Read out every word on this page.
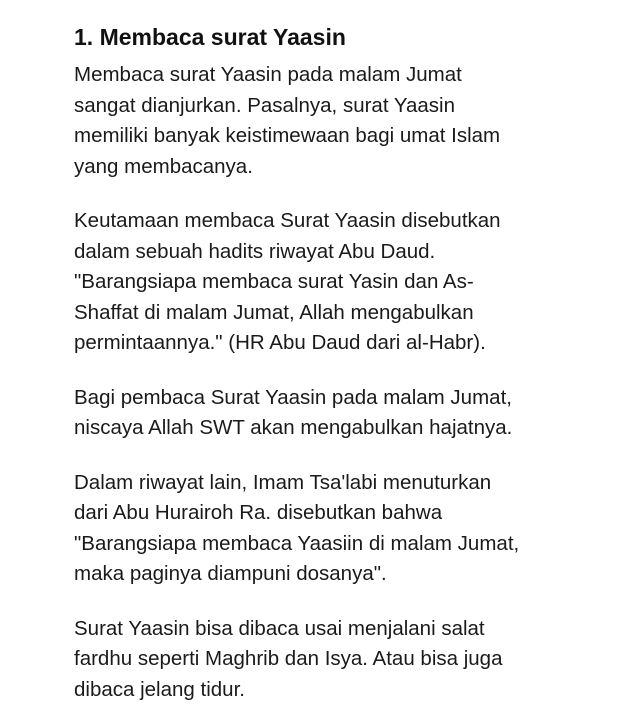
1. Membaca surat Yaasin

Membaca surat Yaasin pada malam Jumat
sangat dianjurkan. Pasalnya, surat Yaasin
memiliki banyak keistimewaan bagi umat Islam
yang membacanya.

Keutamaan membaca Surat Yaasin disebutkan
dalam sebuah hadits riwayat Abu Daud.
"Barangsiapa membaca surat Yasin dan As-
Shaffat di malam Jumat, Allah mengabulkan
permintaannya." (HR Abu Daud dari al-Habr).

Bagi pembaca Surat Yaasin pada malam Jumat,
niscaya Allah SWT akan mengabulkan hajatnya.

Dalam riwayat lain, Imam Tsa'labi menuturkan
dari Abu Hurairoh Ra. disebutkan bahwa
"Barangsiapa membaca Yaasiin di malam Jumat,
maka paginya diampuni dosanya".

Surat Yaasin bisa dibaca usai menjalani salat
fardhu seperti Maghrib dan Isya. Atau bisa juga
dibaca jelang tidur.
